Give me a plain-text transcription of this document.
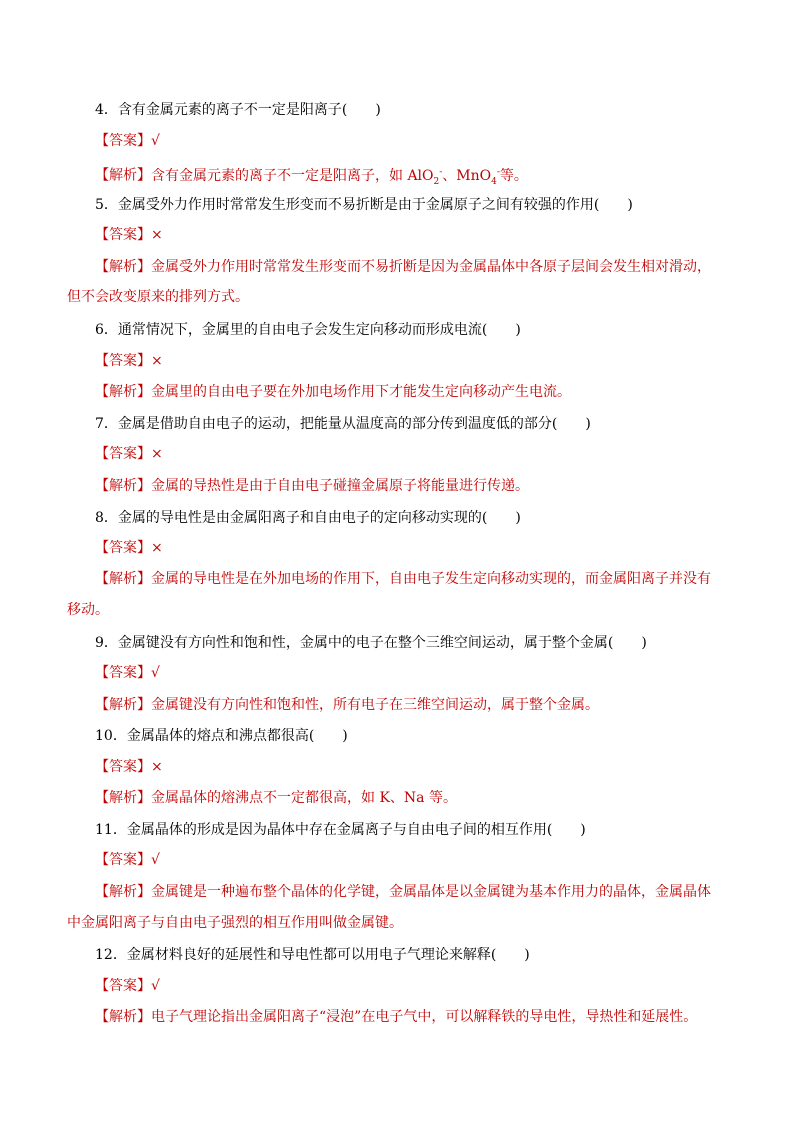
4．含有金属元素的离子不一定是阳离子(　　)
【答案】√
【解析】含有金属元素的离子不一定是阳离子，如 AlO$_2$-、MnO$_4$-等。
5．金属受外力作用时常常发生形变而不易折断是由于金属原子之间有较强的作用(　　)
【答案】×
【解析】金属受外力作用时常常发生形变而不易折断是因为金属晶体中各原子层间会发生相对滑动，
但不会改变原来的排列方式。
6．通常情况下，金属里的自由电子会发生定向移动而形成电流(　　)
【答案】×
【解析】金属里的自由电子要在外加电场作用下才能发生定向移动产生电流。
7．金属是借助自由电子的运动，把能量从温度高的部分传到温度低的部分(　　)
【答案】×
【解析】金属的导热性是由于自由电子碰撞金属原子将能量进行传递。
8．金属的导电性是由金属阳离子和自由电子的定向移动实现的(　　)
【答案】×
【解析】金属的导电性是在外加电场的作用下，自由电子发生定向移动实现的，而金属阳离子并没有
移动。
9．金属键没有方向性和饱和性，金属中的电子在整个三维空间运动，属于整个金属(　　)
【答案】√
【解析】金属键没有方向性和饱和性，所有电子在三维空间运动，属于整个金属。
10．金属晶体的熔点和沸点都很高(　　)
【答案】×
【解析】金属晶体的熔沸点不一定都很高，如 K、Na 等。
11．金属晶体的形成是因为晶体中存在金属离子与自由电子间的相互作用(　　)
【答案】√
【解析】金属键是一种遍布整个晶体的化学键，金属晶体是以金属键为基本作用力的晶体，金属晶体
中金属阳离子与自由电子强烈的相互作用叫做金属键。
12．金属材料良好的延展性和导电性都可以用电子气理论来解释(　　)
【答案】√
【解析】电子气理论指出金属阳离子“浸泡”在电子气中，可以解释铁的导电性，导热性和延展性。
